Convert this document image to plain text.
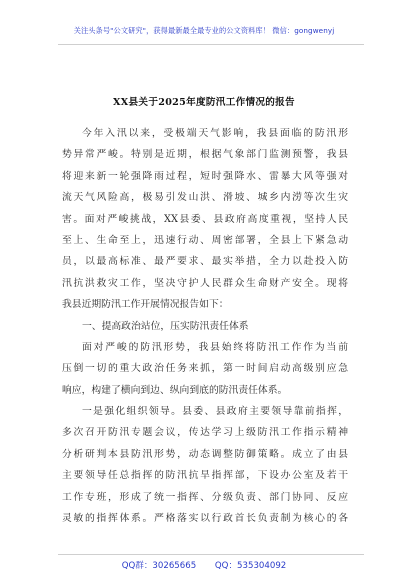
关注头条号"公文研究"，获得最新最全最专业的公文资料库！ 微信：gongwenyj
XX县关于2025年度防汛工作情况的报告
今年入汛以来，受极端天气影响，我县面临的防汛形
势异常严峻。特别是近期，根据气象部门监测预警，我县
将迎来新一轮强降雨过程，短时强降水、雷暴大风等强对
流天气风险高，极易引发山洪、滑坡、城乡内涝等次生灾
害。面对严峻挑战，XX县委、县政府高度重视，坚持人民
至上、生命至上，迅速行动、周密部署，全县上下紧急动
员，以最高标准、最严要求、最实举措，全力以赴投入防
汛抗洪救灾工作，坚决守护人民群众生命财产安全。现将
我县近期防汛工作开展情况报告如下：
一、提高政治站位，压实防汛责任体系
面对严峻的防汛形势，我县始终将防汛工作作为当前
压倒一切的重大政治任务来抓，第一时间启动高级别应急
响应，构建了横向到边、纵向到底的防汛责任体系。
一是强化组织领导。县委、县政府主要领导靠前指挥，
多次召开防汛专题会议，传达学习上级防汛工作指示精神
分析研判本县防汛形势，动态调整防御策略。成立了由县
主要领导任总指挥的防汛抗旱指挥部，下设办公室及若干
工作专班，形成了统一指挥、分级负责、部门协同、反应
灵敏的指挥体系。严格落实以行政首长负责制为核心的各
QQ群：30265665 QQ：535304092
